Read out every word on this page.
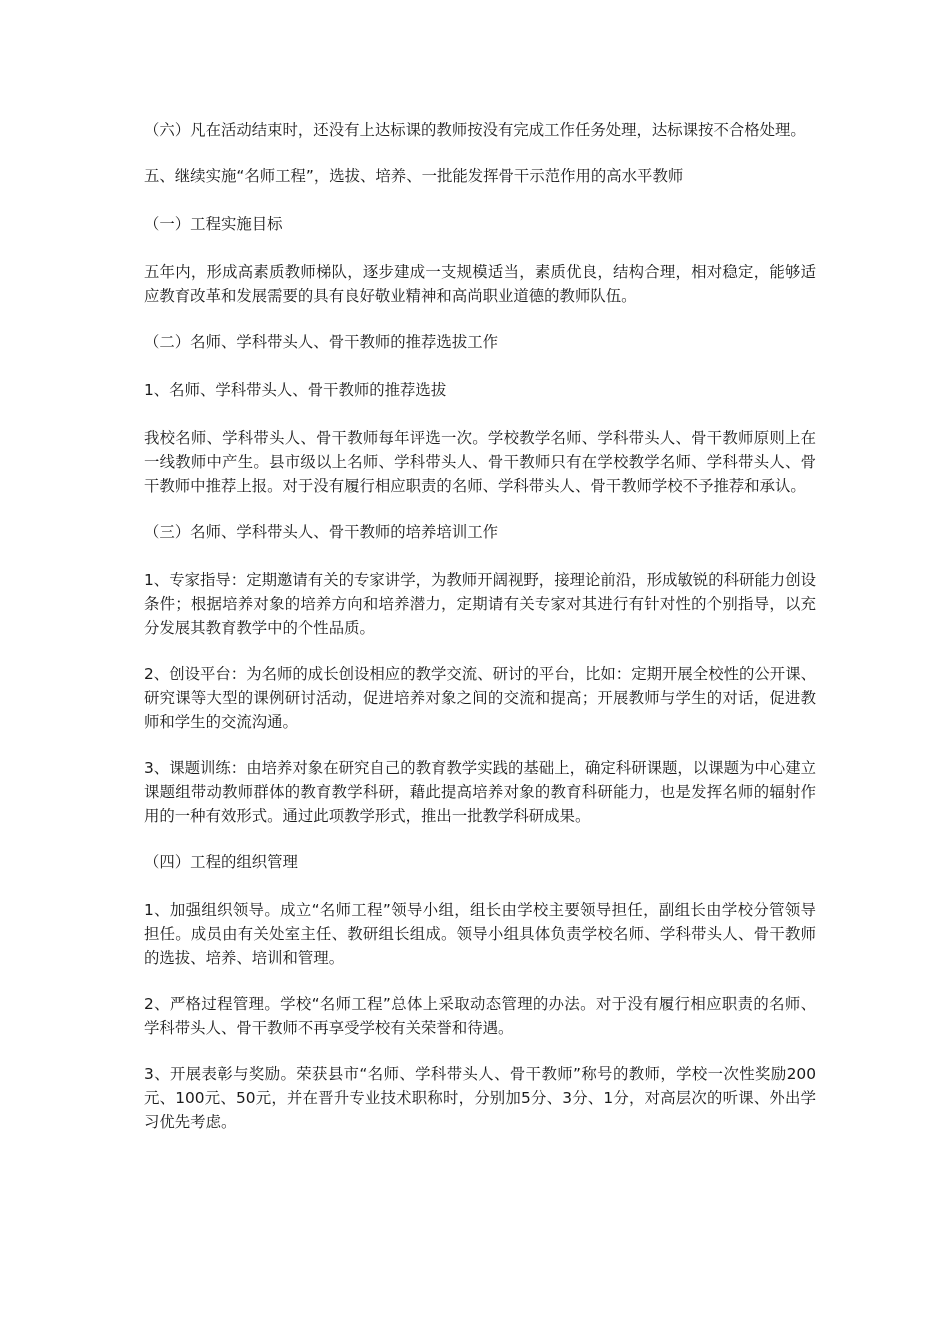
（六）凡在活动结束时，还没有上达标课的教师按没有完成工作任务处理，达标课按不合格处理。

五、继续实施“名师工程”，选拔、培养、一批能发挥骨干示范作用的高水平教师

（一）工程实施目标

五年内，形成高素质教师梯队，逐步建成一支规模适当，素质优良，结构合理，相对稳定，能够适应教育改革和发展需要的具有良好敬业精神和高尚职业道德的教师队伍。

（二）名师、学科带头人、骨干教师的推荐选拔工作

1、名师、学科带头人、骨干教师的推荐选拔

我校名师、学科带头人、骨干教师每年评选一次。学校教学名师、学科带头人、骨干教师原则上在一线教师中产生。县市级以上名师、学科带头人、骨干教师只有在学校教学名师、学科带头人、骨干教师中推荐上报。对于没有履行相应职责的名师、学科带头人、骨干教师学校不予推荐和承认。

（三）名师、学科带头人、骨干教师的培养培训工作

1、专家指导：定期邀请有关的专家讲学，为教师开阔视野，接理论前沿，形成敏锐的科研能力创设条件；根据培养对象的培养方向和培养潜力，定期请有关专家对其进行有针对性的个别指导，以充分发展其教育教学中的个性品质。

2、创设平台：为名师的成长创设相应的教学交流、研讨的平台，比如：定期开展全校性的公开课、研究课等大型的课例研讨活动，促进培养对象之间的交流和提高；开展教师与学生的对话，促进教师和学生的交流沟通。

3、课题训练：由培养对象在研究自己的教育教学实践的基础上，确定科研课题，以课题为中心建立课题组带动教师群体的教育教学科研，藉此提高培养对象的教育科研能力，也是发挥名师的辐射作用的一种有效形式。通过此项教学形式，推出一批教学科研成果。

（四）工程的组织管理

1、加强组织领导。成立“名师工程”领导小组，组长由学校主要领导担任，副组长由学校分管领导担任。成员由有关处室主任、教研组长组成。领导小组具体负责学校名师、学科带头人、骨干教师的选拔、培养、培训和管理。

2、严格过程管理。学校“名师工程”总体上采取动态管理的办法。对于没有履行相应职责的名师、学科带头人、骨干教师不再享受学校有关荣誉和待遇。

3、开展表彰与奖励。荣获县市“名师、学科带头人、骨干教师”称号的教师，学校一次性奖励200元、100元、50元，并在晋升专业技术职称时，分别加5分、3分、1分，对高层次的听课、外出学习优先考虑。
